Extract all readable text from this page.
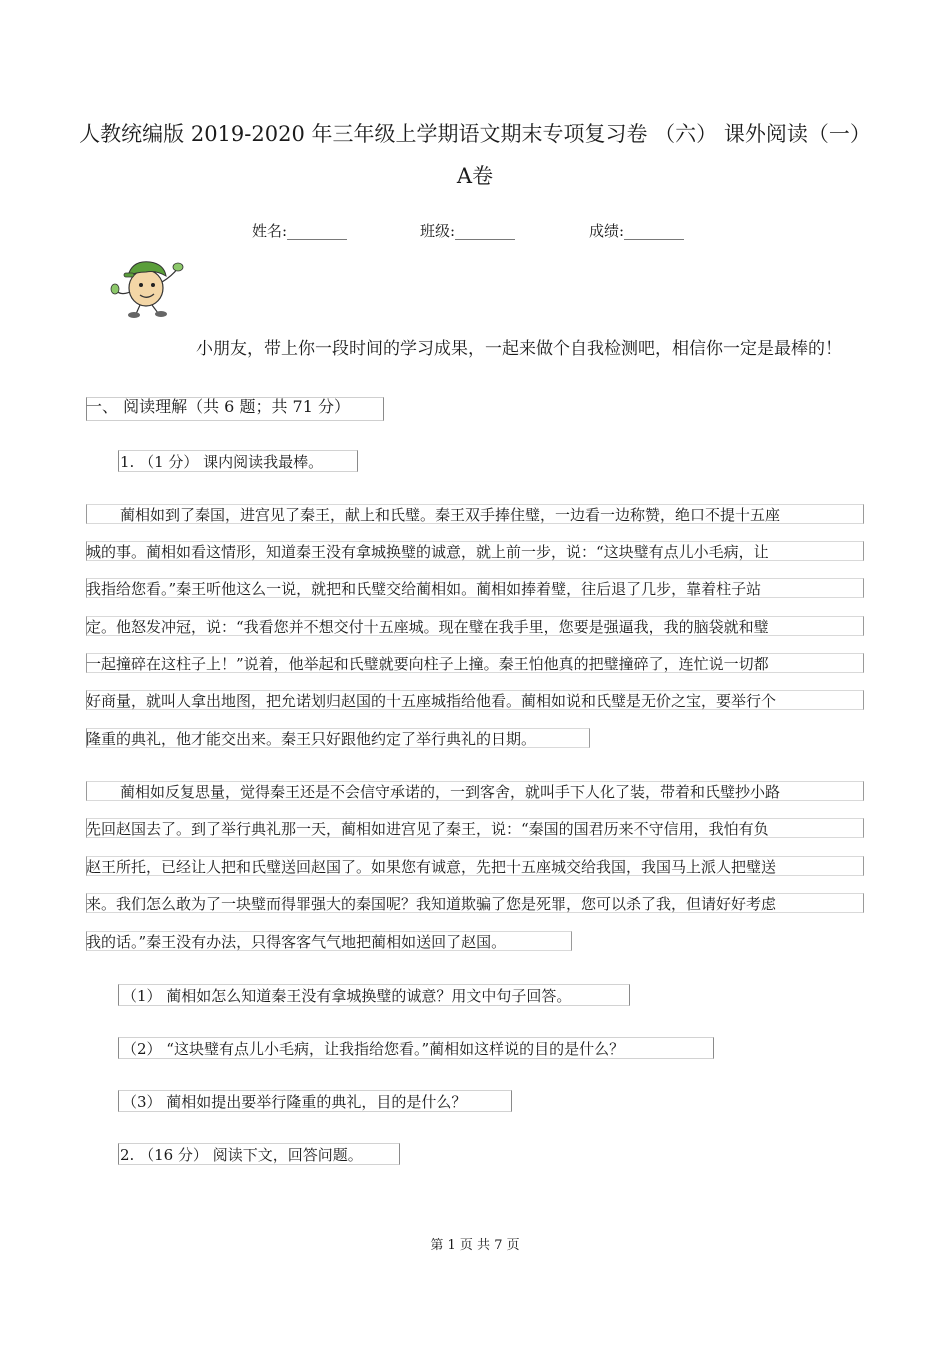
人教统编版 2019-2020 年三年级上学期语文期末专项复习卷 （六） 课外阅读（一）
A卷
姓名:________	班级:________	成绩:________
小朋友，带上你一段时间的学习成果，一起来做个自我检测吧，相信你一定是最棒的！
一、 阅读理解（共 6 题；共 71 分）
1. （1 分） 课内阅读我最棒。
蔺相如到了秦国，进宫见了秦王，献上和氏璧。秦王双手捧住璧，一边看一边称赞，绝口不提十五座
城的事。蔺相如看这情形，知道秦王没有拿城换璧的诚意，就上前一步，说：“这块璧有点儿小毛病，让
我指给您看。”秦王听他这么一说，就把和氏璧交给蔺相如。蔺相如捧着璧，往后退了几步，靠着柱子站
定。他怒发冲冠，说：“我看您并不想交付十五座城。现在璧在我手里，您要是强逼我，我的脑袋就和璧
一起撞碎在这柱子上！”说着，他举起和氏璧就要向柱子上撞。秦王怕他真的把璧撞碎了，连忙说一切都
好商量，就叫人拿出地图，把允诺划归赵国的十五座城指给他看。蔺相如说和氏璧是无价之宝，要举行个
隆重的典礼，他才能交出来。秦王只好跟他约定了举行典礼的日期。
蔺相如反复思量，觉得秦王还是不会信守承诺的，一到客舍，就叫手下人化了装，带着和氏璧抄小路
先回赵国去了。到了举行典礼那一天，蔺相如进宫见了秦王，说：“秦国的国君历来不守信用，我怕有负
赵王所托，已经让人把和氏璧送回赵国了。如果您有诚意，先把十五座城交给我国，我国马上派人把璧送
来。我们怎么敢为了一块璧而得罪强大的秦国呢？我知道欺骗了您是死罪，您可以杀了我，但请好好考虑
我的话。”秦王没有办法，只得客客气气地把蔺相如送回了赵国。
（1） 蔺相如怎么知道秦王没有拿城换璧的诚意？用文中句子回答。
（2） “这块璧有点儿小毛病，让我指给您看。”蔺相如这样说的目的是什么？
（3） 蔺相如提出要举行隆重的典礼，目的是什么？
2. （16 分） 阅读下文，回答问题。
第 1 页 共 7 页
